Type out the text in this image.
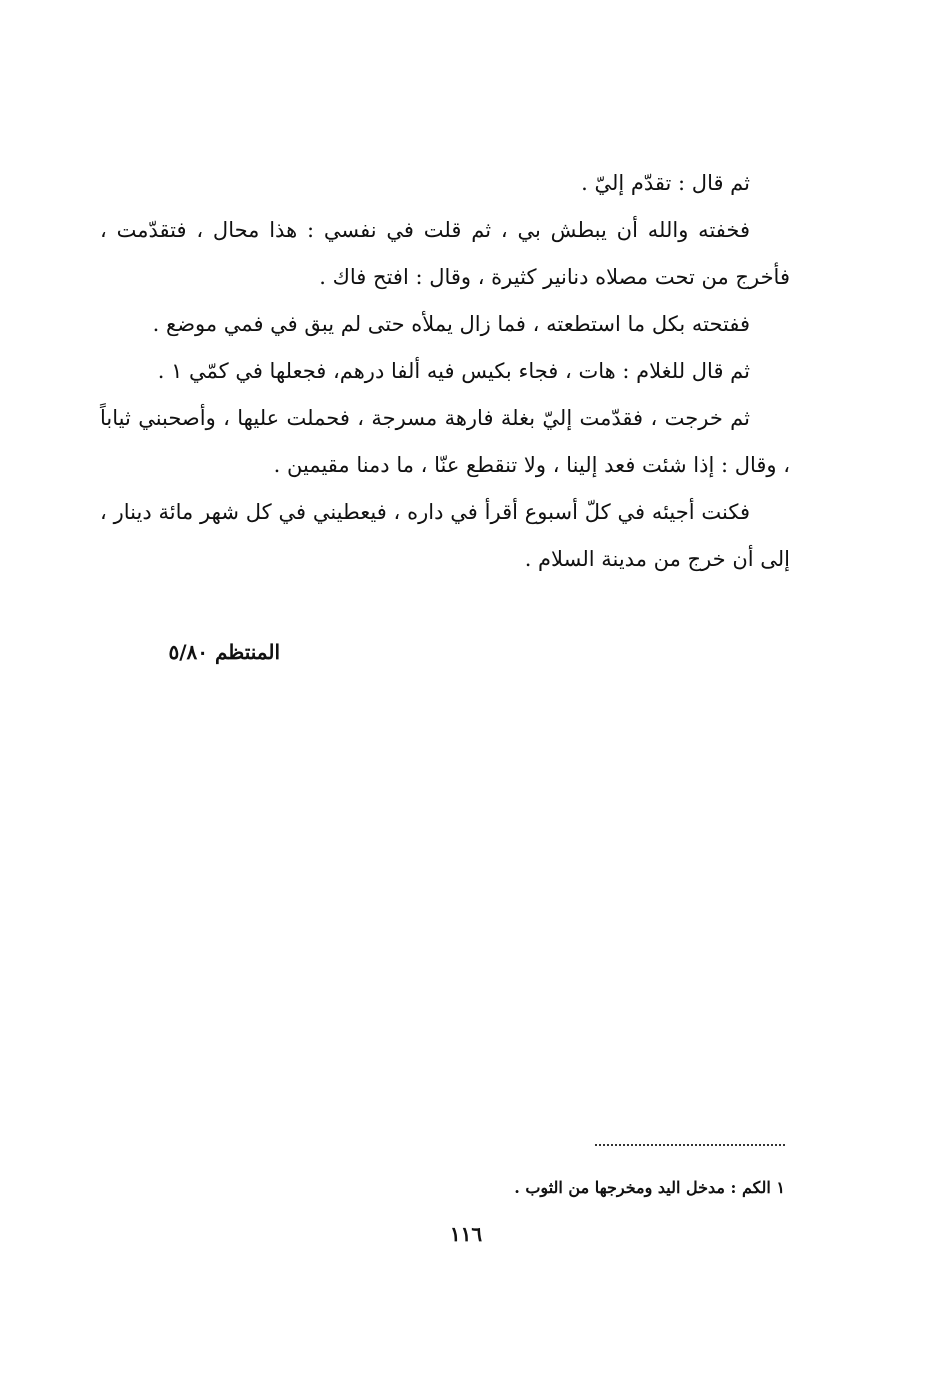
ثم قال : تقدّم إليّ .

فخفته والله أن يبطش بي ، ثم قلت في نفسي : هذا محال ، فتقدّمت ، فأخرج من تحت مصلاه دنانير كثيرة ، وقال : افتح فاك .

ففتحته بكل ما استطعته ، فما زال يملأه حتى لم يبق في فمي موضع .

ثم قال للغلام : هات ، فجاء بكيس فيه ألفا درهم، فجعلها في كمّي ١ .

ثم خرجت ، فقدّمت إليّ بغلة فارهة مسرجة ، فحملت عليها ، وأصحبني ثياباً ، وقال : إذا شئت فعد إلينا ، ولا تنقطع عنّا ، ما دمنا مقيمين .

فكنت أجيئه في كلّ أسبوع أقرأ في داره ، فيعطيني في كل شهر مائة دينار ، إلى أن خرج من مدينة السلام .

المنتظم ٥/٨٠
١ الكم : مدخل اليد ومخرجها من الثوب .
١١٦
